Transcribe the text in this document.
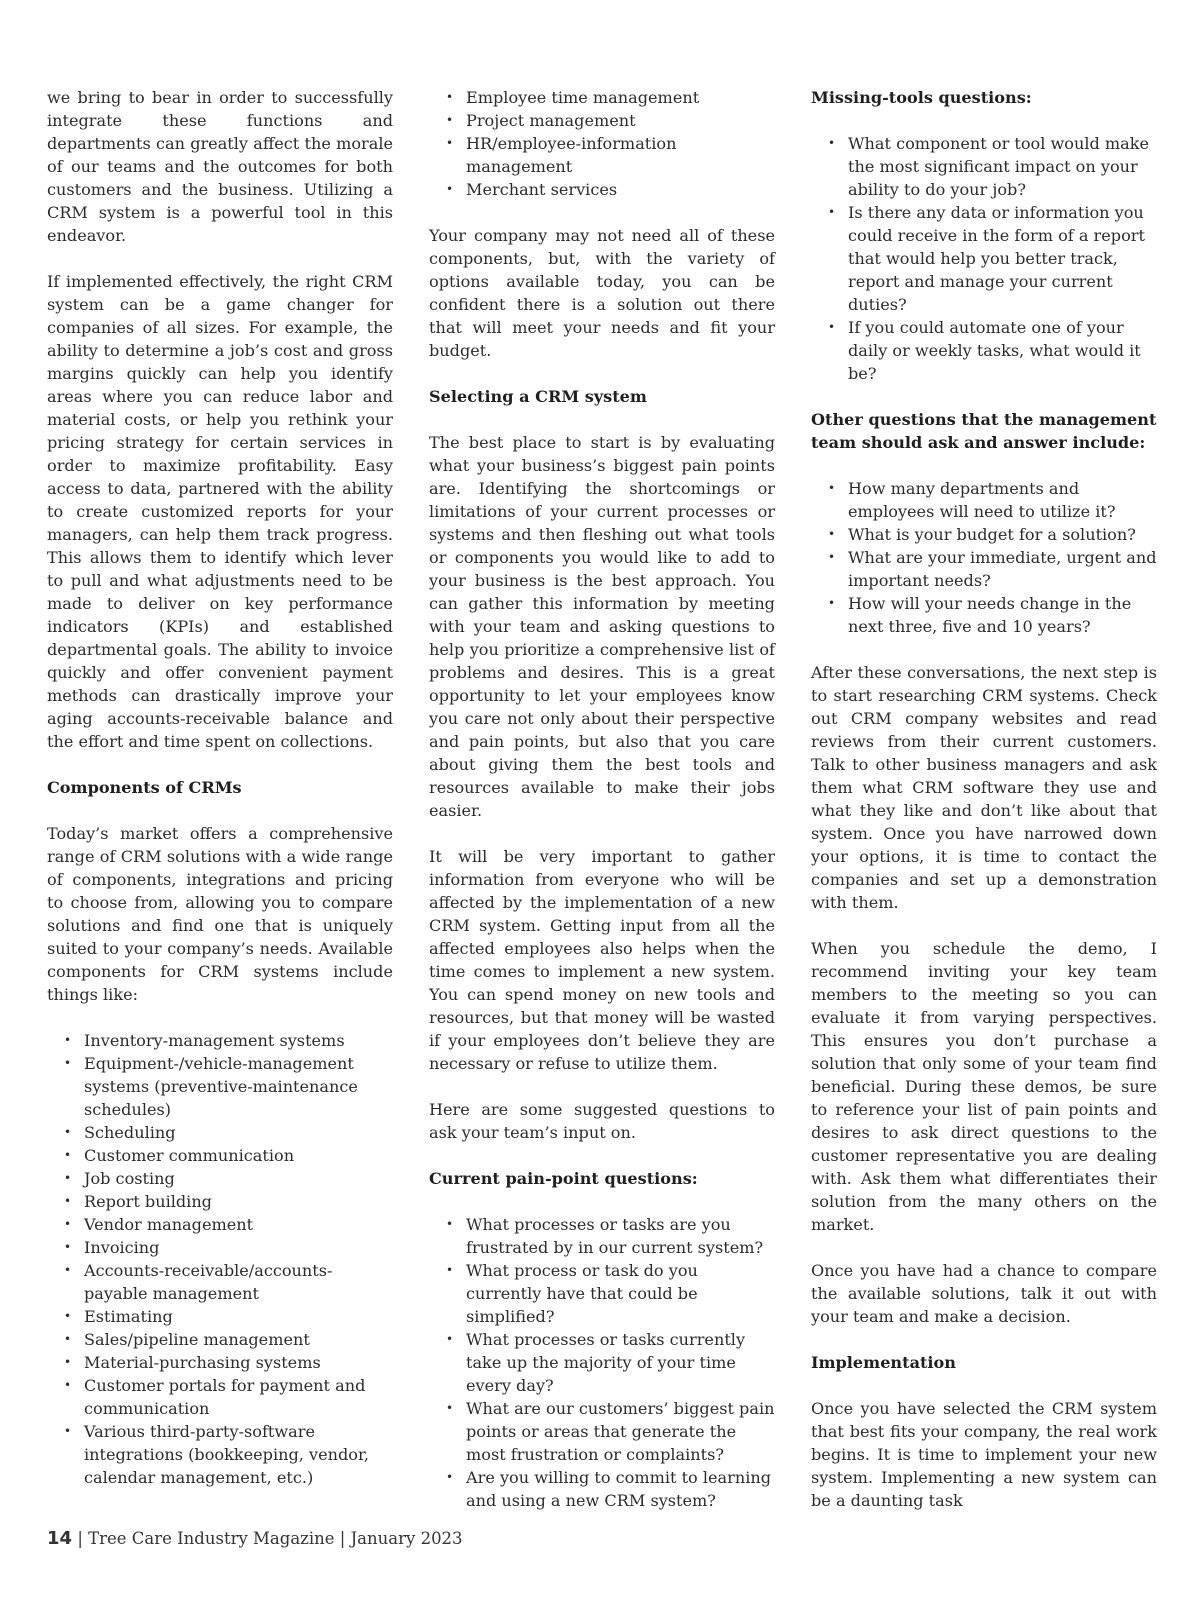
we bring to bear in order to successfully integrate these functions and departments can greatly affect the morale of our teams and the outcomes for both customers and the business. Utilizing a CRM system is a powerful tool in this endeavor.

If implemented effectively, the right CRM system can be a game changer for companies of all sizes. For example, the ability to determine a job’s cost and gross margins quickly can help you identify areas where you can reduce labor and material costs, or help you rethink your pricing strategy for certain services in order to maximize profitability. Easy access to data, partnered with the ability to create customized reports for your managers, can help them track progress. This allows them to identify which lever to pull and what adjustments need to be made to deliver on key performance indicators (KPIs) and established departmental goals. The ability to invoice quickly and offer convenient payment methods can drastically improve your aging accounts-receivable balance and the effort and time spent on collections.

Components of CRMs

Today’s market offers a comprehensive range of CRM solutions with a wide range of components, integrations and pricing to choose from, allowing you to compare solutions and find one that is uniquely suited to your company’s needs. Available components for CRM systems include things like:

• Inventory-management systems
• Equipment-/vehicle-management systems (preventive-maintenance schedules)
• Scheduling
• Customer communication
• Job costing
• Report building
• Vendor management
• Invoicing
• Accounts-receivable/accounts-payable management
• Estimating
• Sales/pipeline management
• Material-purchasing systems
• Customer portals for payment and communication
• Various third-party-software integrations (bookkeeping, vendor, calendar management, etc.)
• Employee time management
• Project management
• HR/employee-information management
• Merchant services

Your company may not need all of these components, but, with the variety of options available today, you can be confident there is a solution out there that will meet your needs and fit your budget.

Selecting a CRM system

The best place to start is by evaluating what your business’s biggest pain points are. Identifying the shortcomings or limitations of your current processes or systems and then fleshing out what tools or components you would like to add to your business is the best approach. You can gather this information by meeting with your team and asking questions to help you prioritize a comprehensive list of problems and desires. This is a great opportunity to let your employees know you care not only about their perspective and pain points, but also that you care about giving them the best tools and resources available to make their jobs easier.

It will be very important to gather information from everyone who will be affected by the implementation of a new CRM system. Getting input from all the affected employees also helps when the time comes to implement a new system. You can spend money on new tools and resources, but that money will be wasted if your employees don’t believe they are necessary or refuse to utilize them.

Here are some suggested questions to ask your team’s input on.

Current pain-point questions:
• What processes or tasks are you frustrated by in our current system?
• What process or task do you currently have that could be simplified?
• What processes or tasks currently take up the majority of your time every day?
• What are our customers’ biggest pain points or areas that generate the most frustration or complaints?
• Are you willing to commit to learning and using a new CRM system?
Missing-tools questions:
• What component or tool would make the most significant impact on your ability to do your job?
• Is there any data or information you could receive in the form of a report that would help you better track, report and manage your current duties?
• If you could automate one of your daily or weekly tasks, what would it be?
Other questions that the management team should ask and answer include:
• How many departments and employees will need to utilize it?
• What is your budget for a solution?
• What are your immediate, urgent and important needs?
• How will your needs change in the next three, five and 10 years?

After these conversations, the next step is to start researching CRM systems. Check out CRM company websites and read reviews from their current customers. Talk to other business managers and ask them what CRM software they use and what they like and don’t like about that system. Once you have narrowed down your options, it is time to contact the companies and set up a demonstration with them.

When you schedule the demo, I recommend inviting your key team members to the meeting so you can evaluate it from varying perspectives. This ensures you don’t purchase a solution that only some of your team find beneficial. During these demos, be sure to reference your list of pain points and desires to ask direct questions to the customer representative you are dealing with. Ask them what differentiates their solution from the many others on the market.

Once you have had a chance to compare the available solutions, talk it out with your team and make a decision.

Implementation

Once you have selected the CRM system that best fits your company, the real work begins. It is time to implement your new system. Implementing a new system can be a daunting task

14 | Tree Care Industry Magazine | January 2023
